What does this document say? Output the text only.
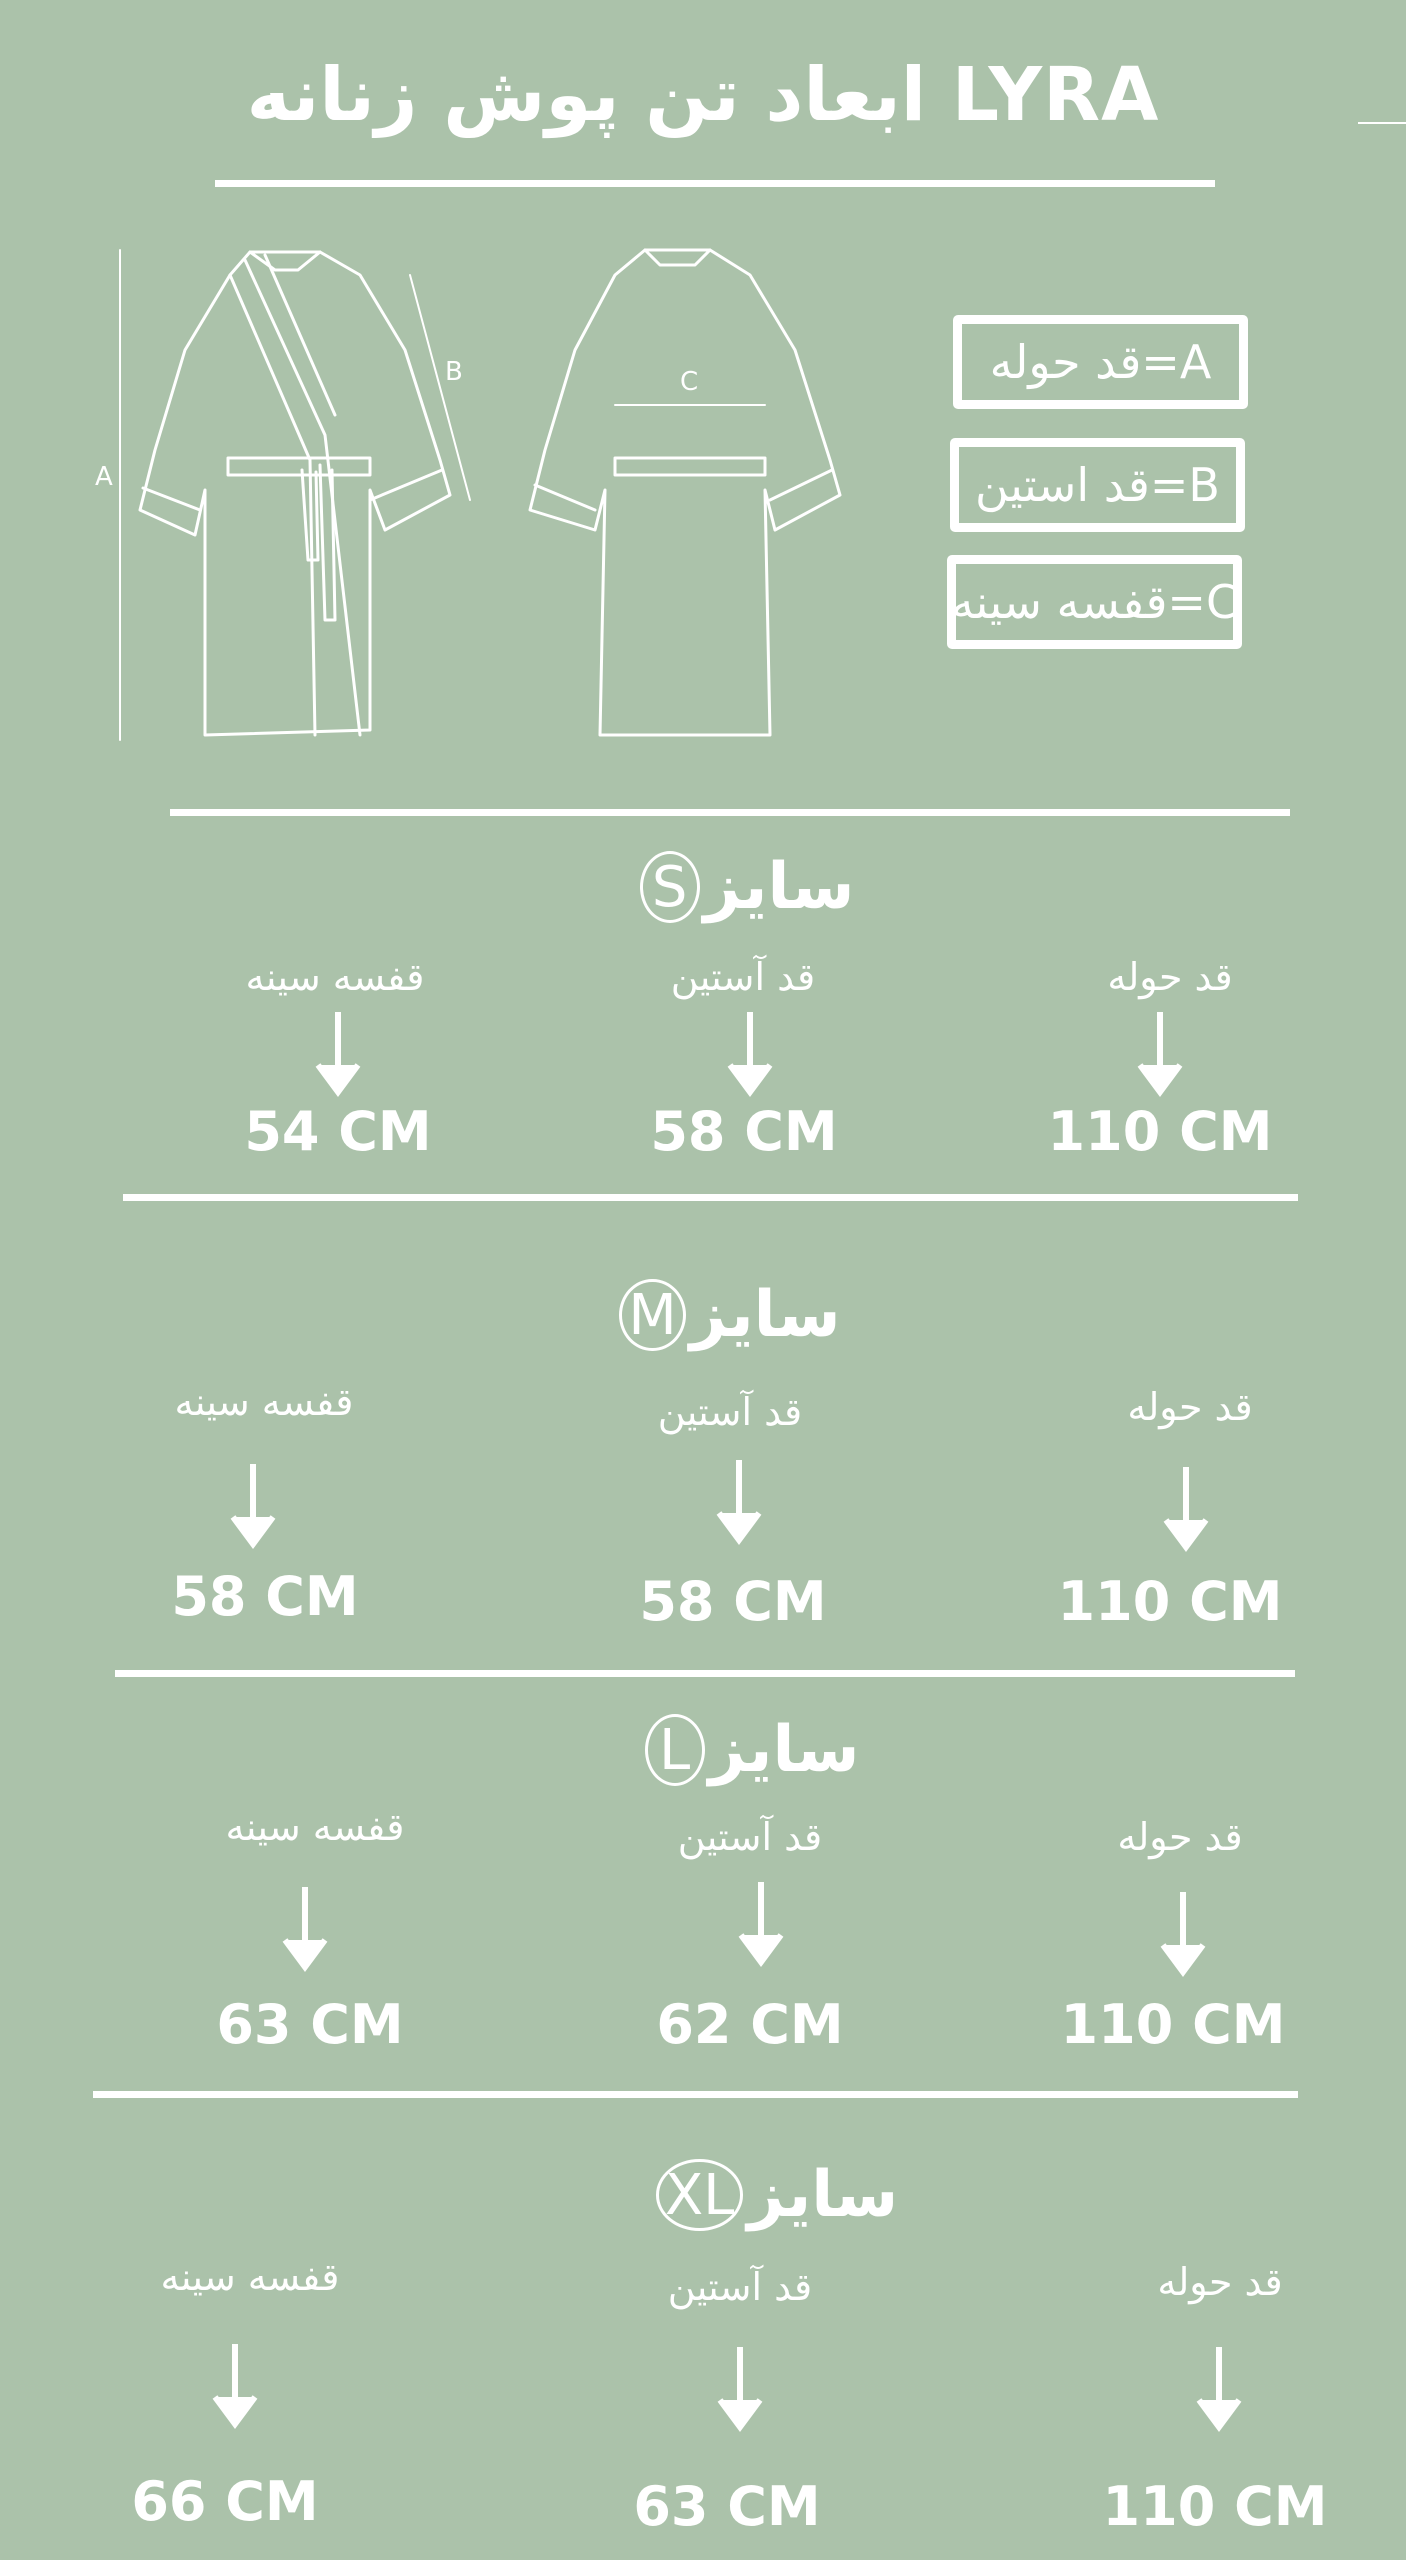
ابعاد تن پوش زنانه LYRA
A
B	C	A=قد حوله
B=قد استین
C=قفسه سینه
S سایز
قد حوله
قد آستین
قفسه سینه
110 CM
58 CM
54 CM
M سایز
قد حوله
قد آستین
قفسه سینه
110 CM
58 CM
58 CM
L سایز
قد حوله
قد آستین
قفسه سینه
110 CM
62 CM
63 CM
XL سایز
قد حوله
قد آستین
قفسه سینه
110 CM
63 CM
66 CM
